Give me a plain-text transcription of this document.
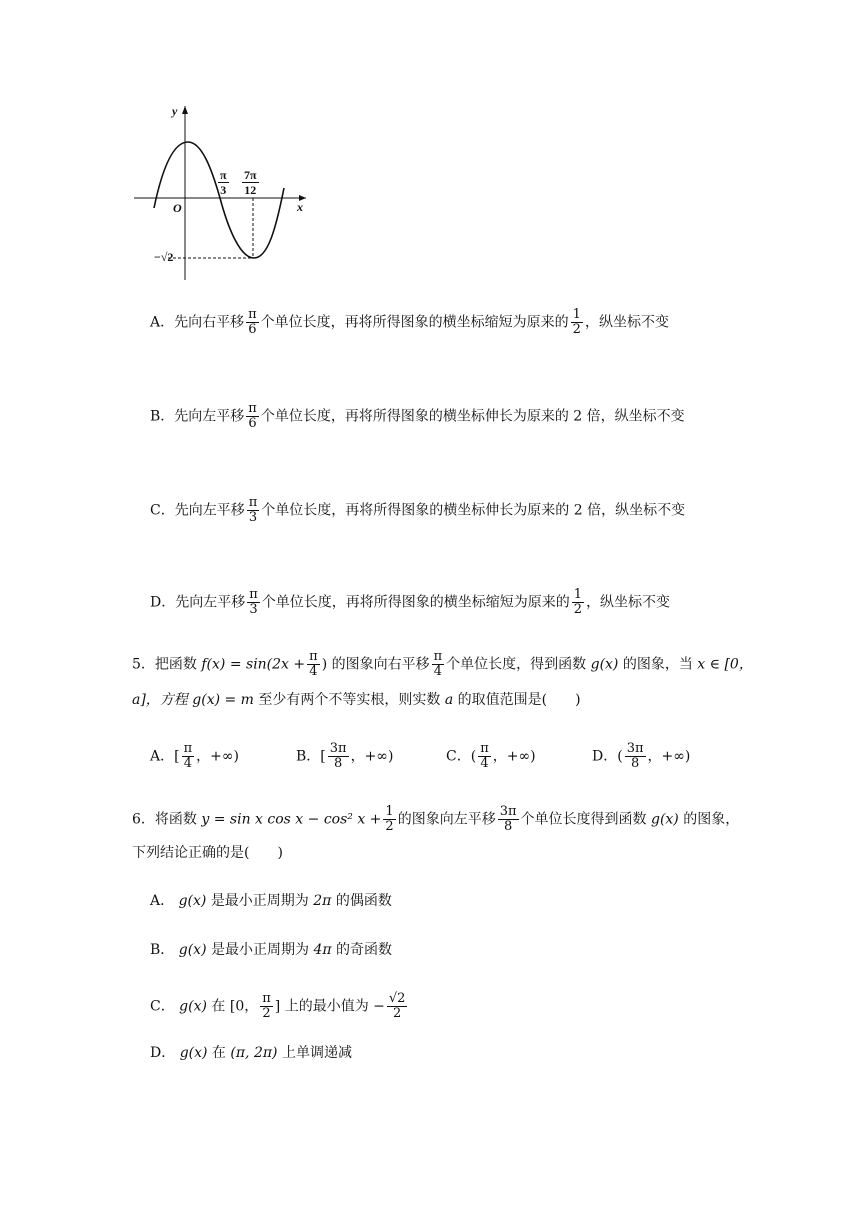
y
x
O
$\frac{\pi}{3} \frac{7\pi}{12}$
−√2
A．先向右平移 $\frac{\pi}{6}$ 个单位长度，再将所得图象的横坐标缩短为原来的 $\frac{1}{2}$ ，纵坐标不变
B．先向左平移 $\frac{\pi}{6}$ 个单位长度，再将所得图象的横坐标伸长为原来的 2 倍，纵坐标不变
C．先向左平移 $\frac{\pi}{3}$ 个单位长度，再将所得图象的横坐标伸长为原来的 2 倍，纵坐标不变
D．先向左平移 $\frac{\pi}{3}$ 个单位长度，再将所得图象的横坐标缩短为原来的 $\frac{1}{2}$ ，纵坐标不变
5．把函数 $f(x) = \sin(2x + \frac{\pi}{4}$ ) 的图象向右平移 $\frac{\pi}{4}$ 个单位长度，得到函数 g(x) 的图象，当 x ∈ [0，
a]，方程 g(x) = m 至少有两个不等实根，则实数 a 的取值范围是(　　)
A．[ $\frac{\pi}{4}$ ，+∞)	B．[ $\frac{3\pi}{8}$ ，+∞)	C．( $\frac{\pi}{4}$ ，+∞)	D．( $\frac{3\pi}{8}$ ，+∞)
6．将函数 y = sin x cos x − cos² $x + \frac{1}{2}$ 的图象向左平移 $\frac{3\pi}{8}$ 个单位长度得到函数 g(x) 的图象，
下列结论正确的是(　　)
A． g(x) 是最小正周期为 2π 的偶函数
B． g(x) 是最小正周期为 4π 的奇函数
C． g(x) 在 [0， $\frac{\pi}{2}$ ] 上的最小值为 − $\frac{√2}{2}$
D． g(x) 在 (π, 2π) 上单调递减
